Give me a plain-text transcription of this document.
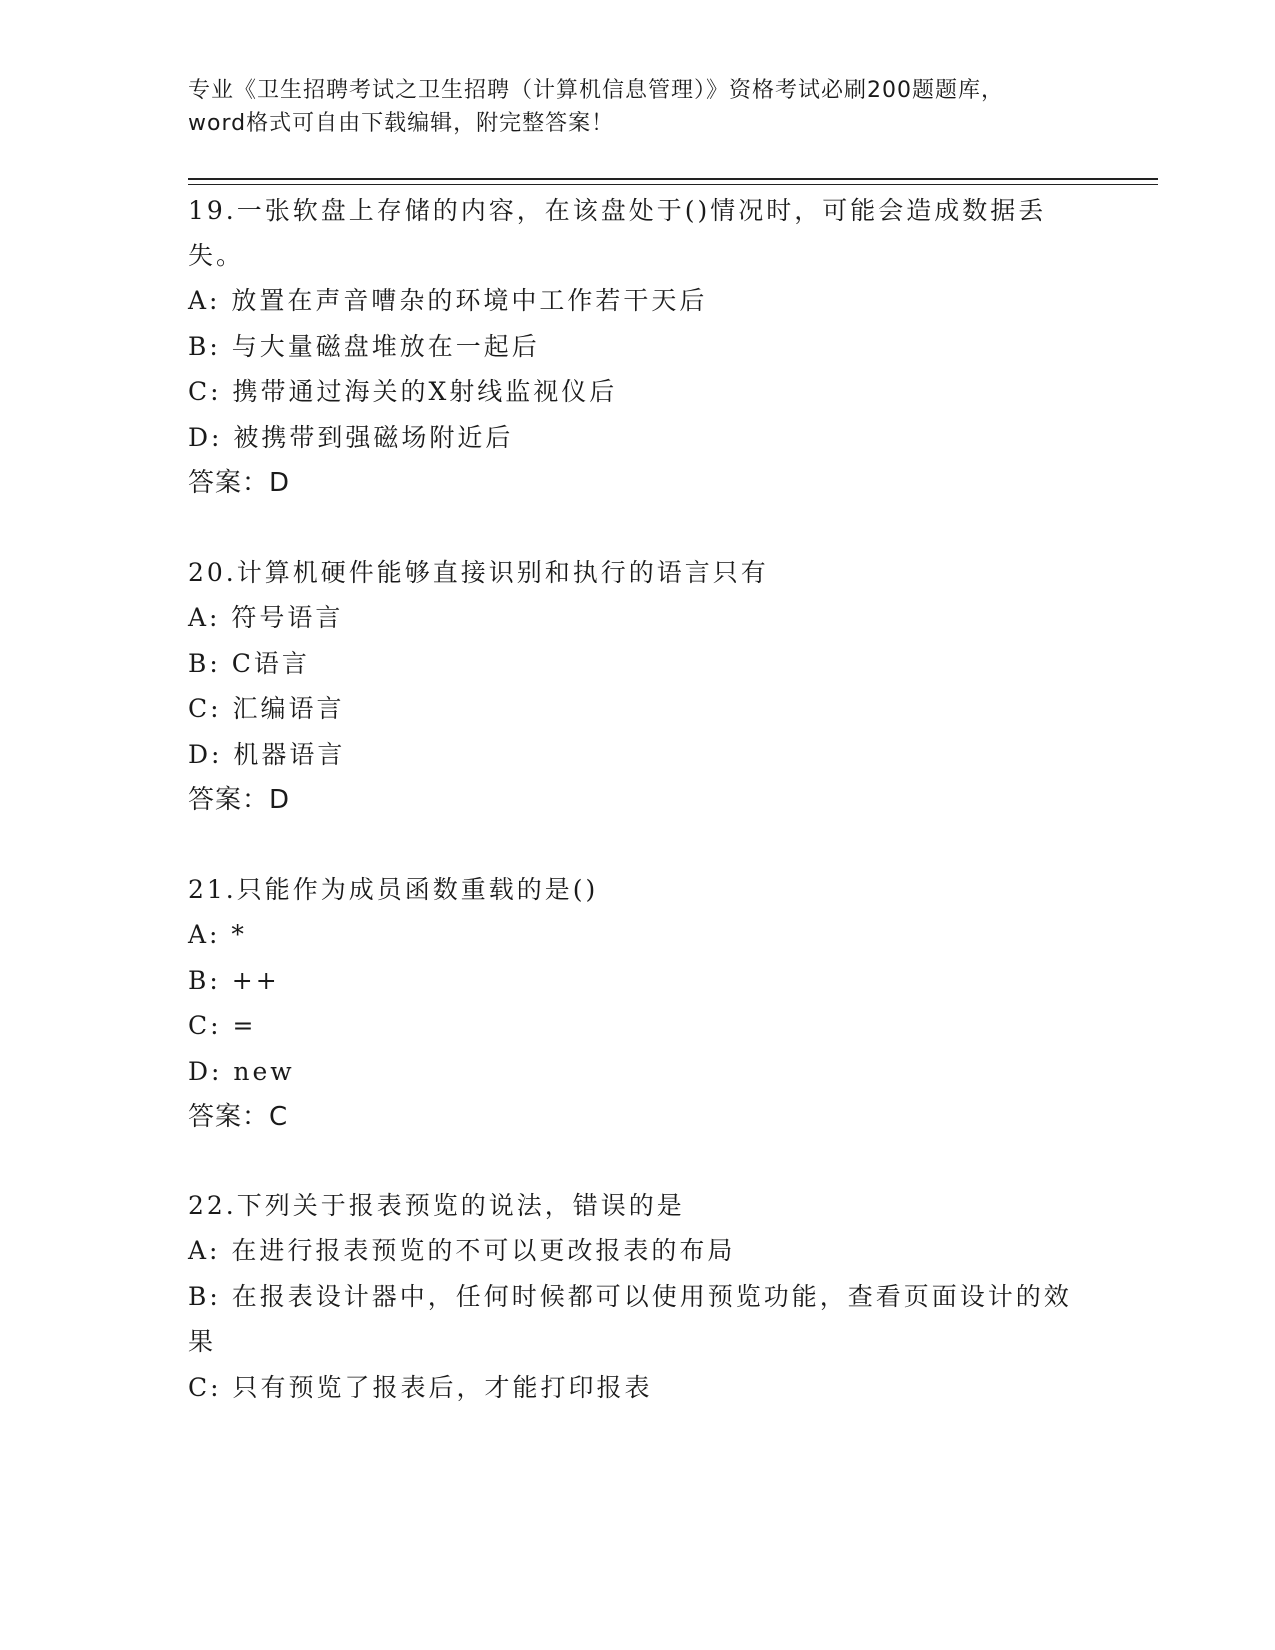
专业《卫生招聘考试之卫生招聘（计算机信息管理）》资格考试必刷200题题库，
word格式可自由下载编辑，附完整答案！

19.一张软盘上存储的内容，在该盘处于()情况时，可能会造成数据丢失。

A: 放置在声音嘈杂的环境中工作若干天后

B: 与大量磁盘堆放在一起后

C: 携带通过海关的X射线监视仪后

D: 被携带到强磁场附近后

答案：D

20.计算机硬件能够直接识别和执行的语言只有

A: 符号语言

B: C语言

C: 汇编语言

D: 机器语言

答案：D

21.只能作为成员函数重载的是()

A: *

B: ++

C: =

D: new

答案：C

22.下列关于报表预览的说法，错误的是

A: 在进行报表预览的不可以更改报表的布局

B: 在报表设计器中，任何时候都可以使用预览功能，查看页面设计的效果

C: 只有预览了报表后，才能打印报表
